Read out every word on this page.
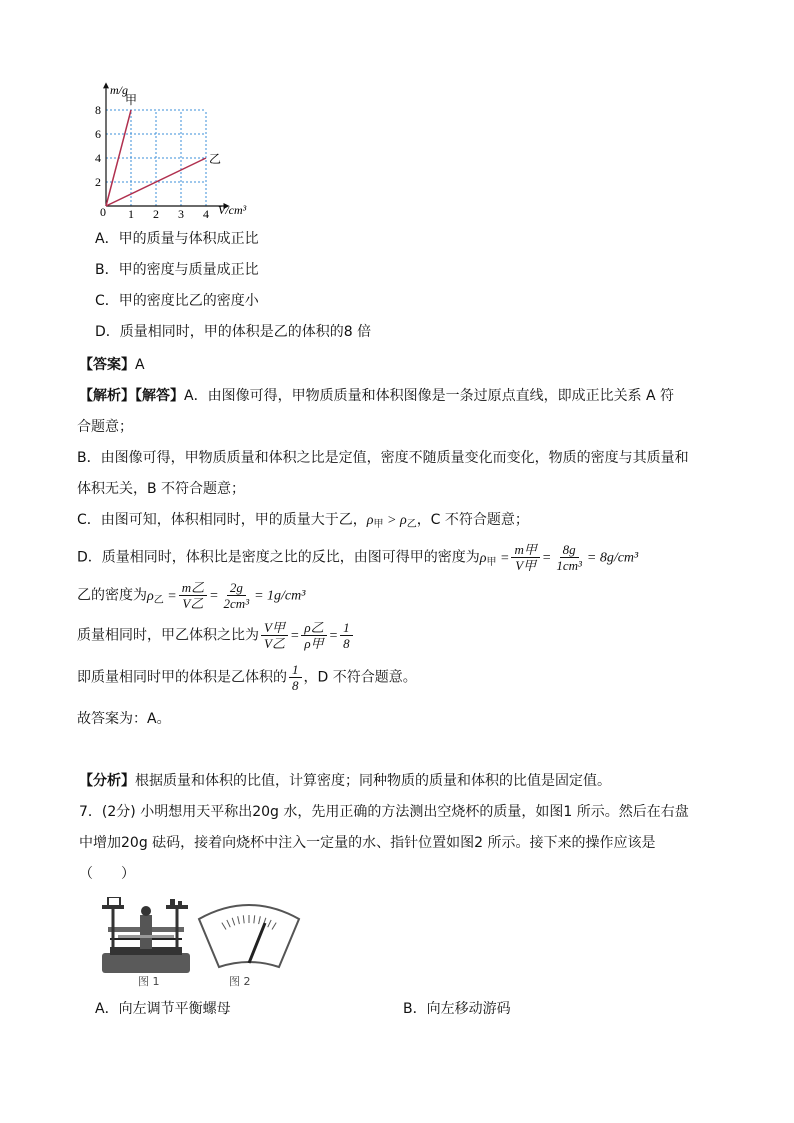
m/g
V/cm³
0
2
4
6
8
1 2 3 4
甲
乙
A．甲的质量与体积成正比
B．甲的密度与质量成正比
C．甲的密度比乙的密度小
D．质量相同时，甲的体积是乙的体积的8 倍
【答案】A
【解析】【解答】A．由图像可得，甲物质质量和体积图像是一条过原点直线，即成正比关系 A 符
合题意；
B．由图像可得，甲物质质量和体积之比是定值，密度不随质量变化而变化，物质的密度与其质量和
体积无关，B 不符合题意；
C．由图可知，体积相同时，甲的质量大于乙，$\rho_甲 > \rho_乙$，C 不符合题意；
D．质量相同时，体积比是密度之比的反比，由图可得甲的密度为$\rho_甲 = \frac{\text{m甲}}{\text{V甲}} = \frac{8g}{\text{1cm³}} = 8g/cm^3$
乙的密度为$\rho_乙 = \frac{\text{m乙}}{\text{V乙}} = \frac{2g}{\text{2cm³}} = 1g/cm^3$
质量相同时，甲乙体积之比为 $\frac{\text{V甲}}{\text{V乙}} = \frac{\text{ρ乙}}{\text{ρ甲}} = \frac{1}{8}$
即质量相同时甲的体积是乙体积的 $\frac{1}{8}$ ，D 不符合题意。
故答案为：A。
【分析】根据质量和体积的比值，计算密度；同种物质的质量和体积的比值是固定值。
7．(2分) 小明想用天平称出20g 水，先用正确的方法测出空烧杯的质量，如图1 所示。然后在右盘
中增加20g 砝码，接着向烧杯中注入一定量的水、指针位置如图2 所示。接下来的操作应该是
（　　）
图 1	图 2
A．向左调节平衡螺母	B．向左移动游码
